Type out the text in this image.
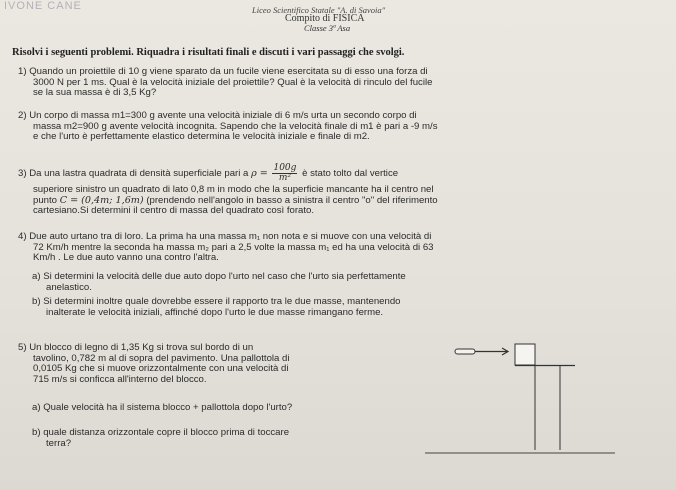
IVONE CANE	Liceo Scientifico Statale "A. di Savoia"
Compito di FISICA
Classe 3ª Asa
Risolvi i seguenti problemi. Riquadra i risultati finali e discuti i vari passaggi che svolgi.
1) Quando un proiettile di 10 g viene sparato da un fucile viene esercitata su di esso una forza di
3000 N per 1 ms. Qual è la velocità iniziale del proiettile? Qual è la velocità di rinculo del fucile
se la sua massa è di 3,5 Kg?
2) Un corpo di massa m1=300 g avente una velocità iniziale di 6 m/s urta un secondo corpo di
massa m2=900 g avente velocità incognita. Sapendo che la velocità finale di m1 è pari a -9 m/s
e che l'urto è perfettamente elastico determina le velocità iniziale e finale di m2.
3) Da una lastra quadrata di densità superficiale pari a $\rho = \frac{100g}{\text{m²}}$ è stato tolto dal vertice
superiore sinistro un quadrato di lato 0,8 m in modo che la superficie mancante ha il centro nel
punto C = (0,4m; 1,6m) (prendendo nell'angolo in basso a sinistra il centro "o" del riferimento
cartesiano.Si determini il centro di massa del quadrato così forato.
4) Due auto urtano tra di loro. La prima ha una massa m₁ non nota e si muove con una velocità di
72 Km/h mentre la seconda ha massa m₂ pari a 2,5 volte la massa m₁ ed ha una velocità di 63
Km/h . Le due auto vanno una contro l'altra.
a) Si determini la velocità delle due auto dopo l'urto nel caso che l'urto sia perfettamente
anelastico.
b) Si determini inoltre quale dovrebbe essere il rapporto tra le due masse, mantenendo
inalterate le velocità iniziali, affinché dopo l'urto le due masse rimangano ferme.
5) Un blocco di legno di 1,35 Kg si trova sul bordo di un
tavolino, 0,782 m al di sopra del pavimento. Una pallottola di
0,0105 Kg che si muove orizzontalmente con una velocità di
715 m/s si conficca all'interno del blocco.
a) Quale velocità ha il sistema blocco + pallottola dopo l'urto?
b) quale distanza orizzontale copre il blocco prima di toccare
terra?
